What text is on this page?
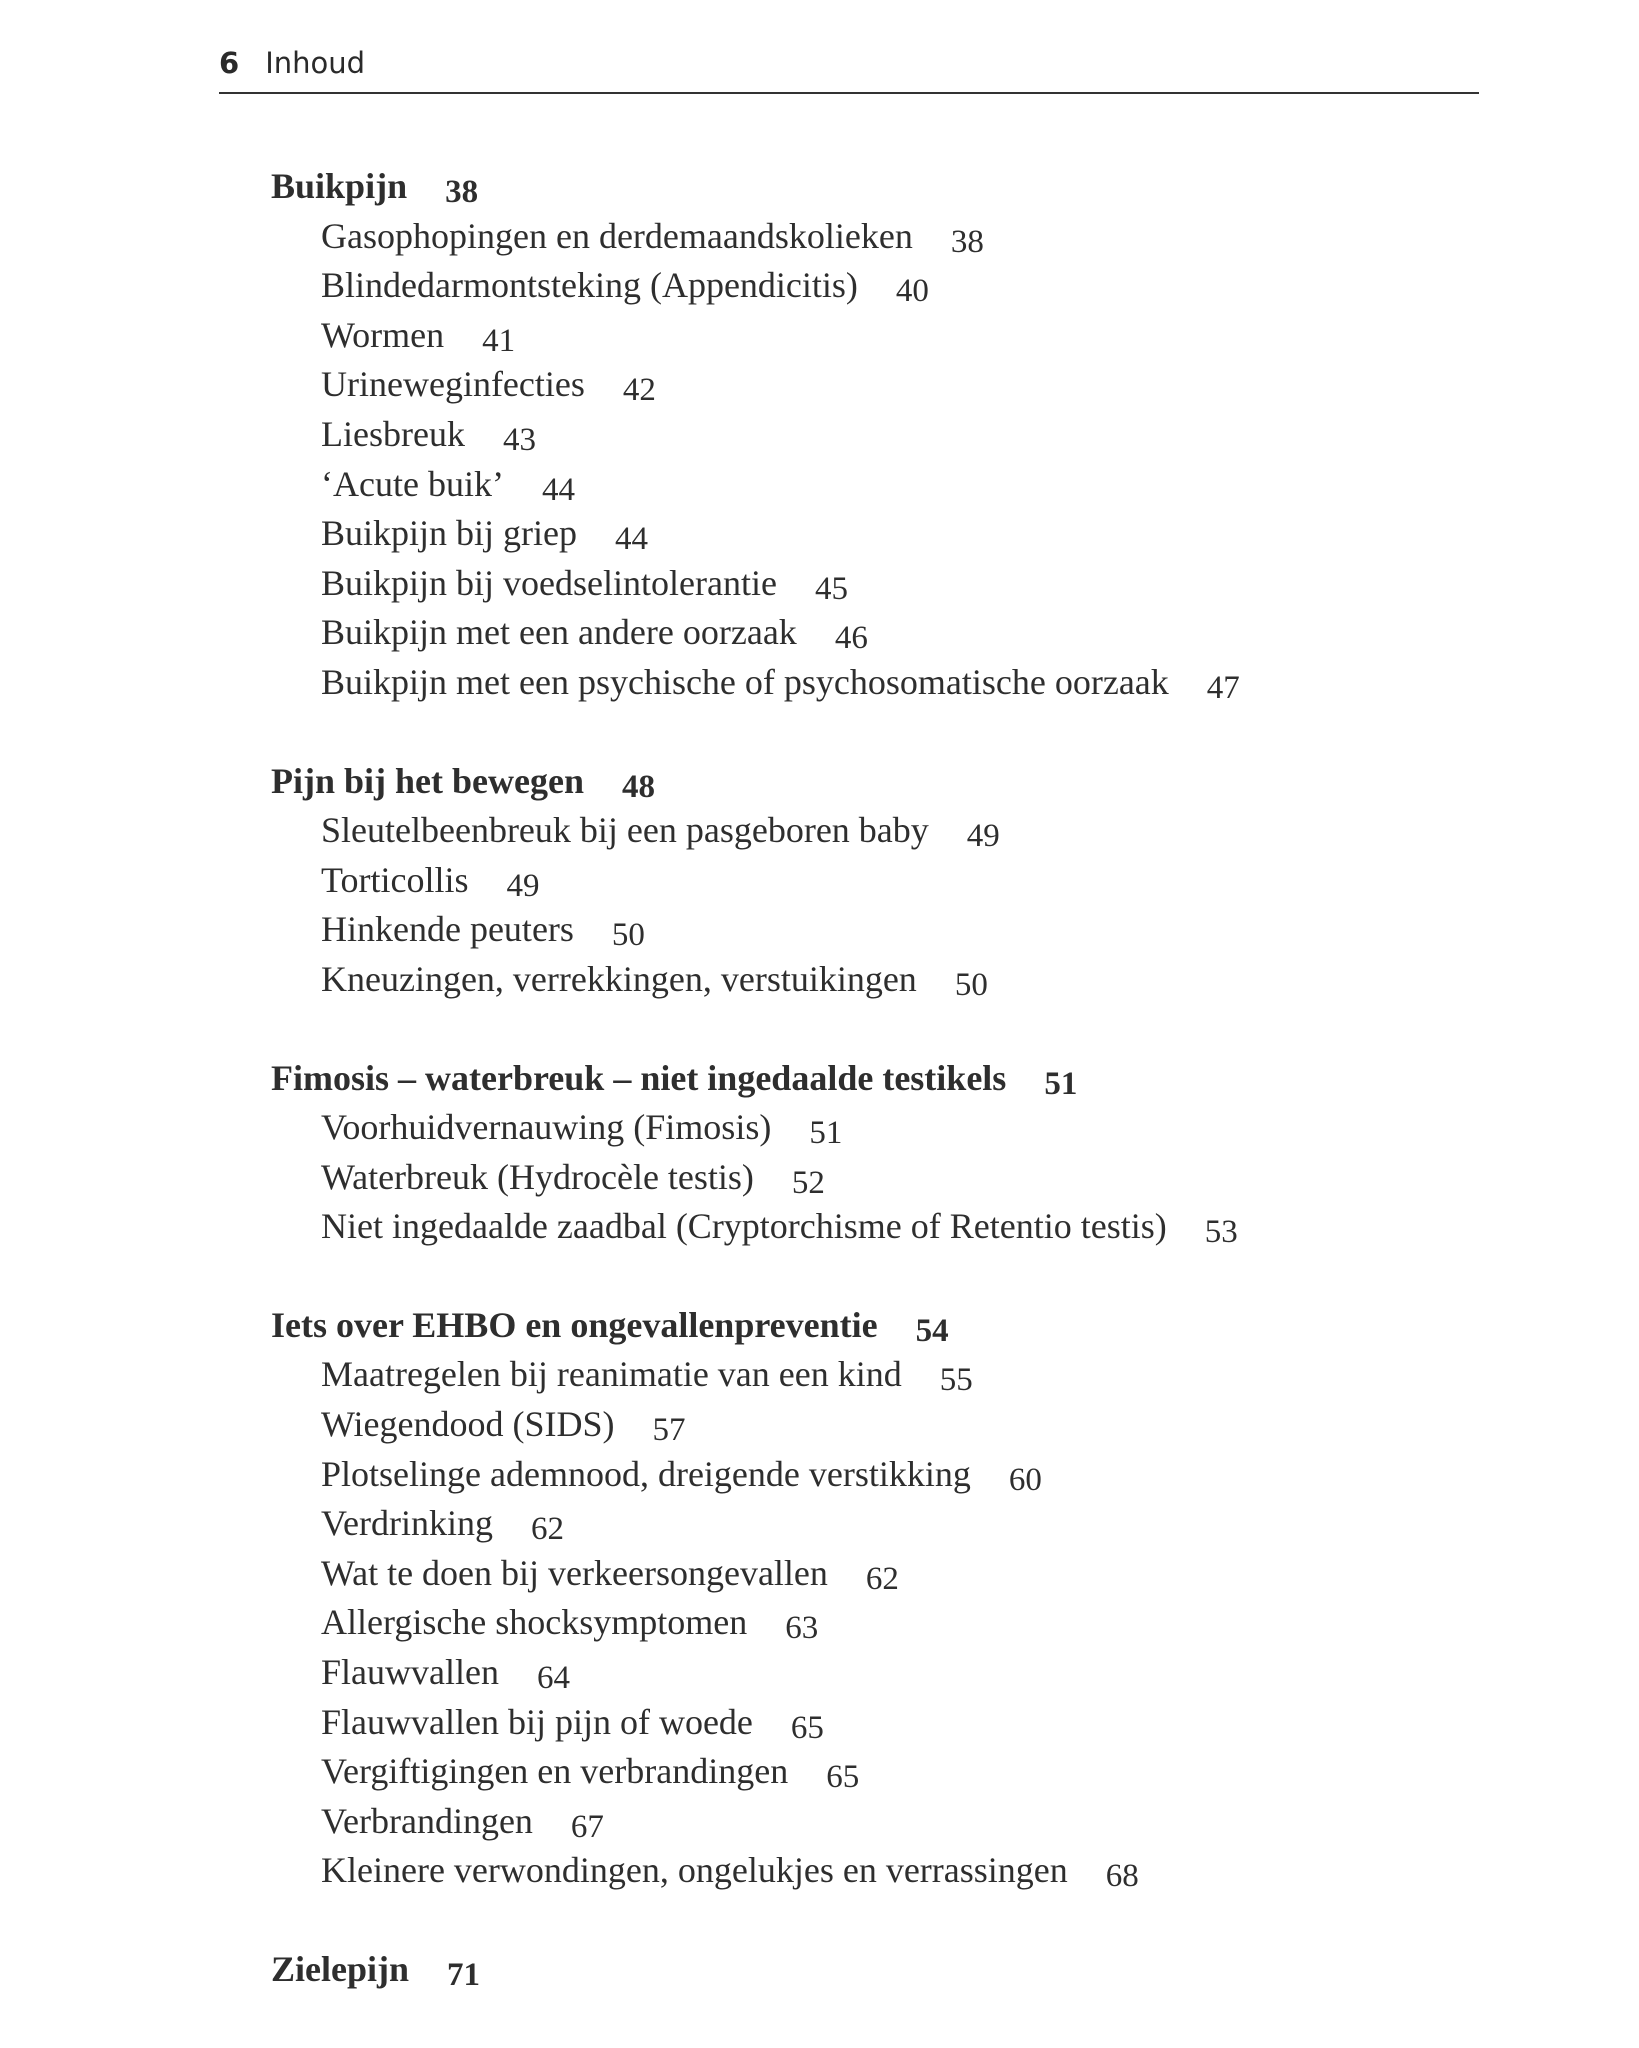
6 Inhoud
Buikpijn 38
Gasophopingen en derdemaandskolieken 38
Blindedarmontsteking (Appendicitis) 40
Wormen 41
Urineweginfecties 42
Liesbreuk 43
‘Acute buik’ 44
Buikpijn bij griep 44
Buikpijn bij voedselintolerantie 45
Buikpijn met een andere oorzaak 46
Buikpijn met een psychische of psychosomatische oorzaak 47
Pijn bij het bewegen 48
Sleutelbeenbreuk bij een pasgeboren baby 49
Torticollis 49
Hinkende peuters 50
Kneuzingen, verrekkingen, verstuikingen 50
Fimosis – waterbreuk – niet ingedaalde testikels 51
Voorhuidvernauwing (Fimosis) 51
Waterbreuk (Hydrocèle testis) 52
Niet ingedaalde zaadbal (Cryptorchisme of Retentio testis) 53
Iets over EHBO en ongevallenpreventie 54
Maatregelen bij reanimatie van een kind 55
Wiegendood (SIDS) 57
Plotselinge ademnood, dreigende verstikking 60
Verdrinking 62
Wat te doen bij verkeersongevallen 62
Allergische shocksymptomen 63
Flauwvallen 64
Flauwvallen bij pijn of woede 65
Vergiftigingen en verbrandingen 65
Verbrandingen 67
Kleinere verwondingen, ongelukjes en verrassingen 68
Zielepijn 71
